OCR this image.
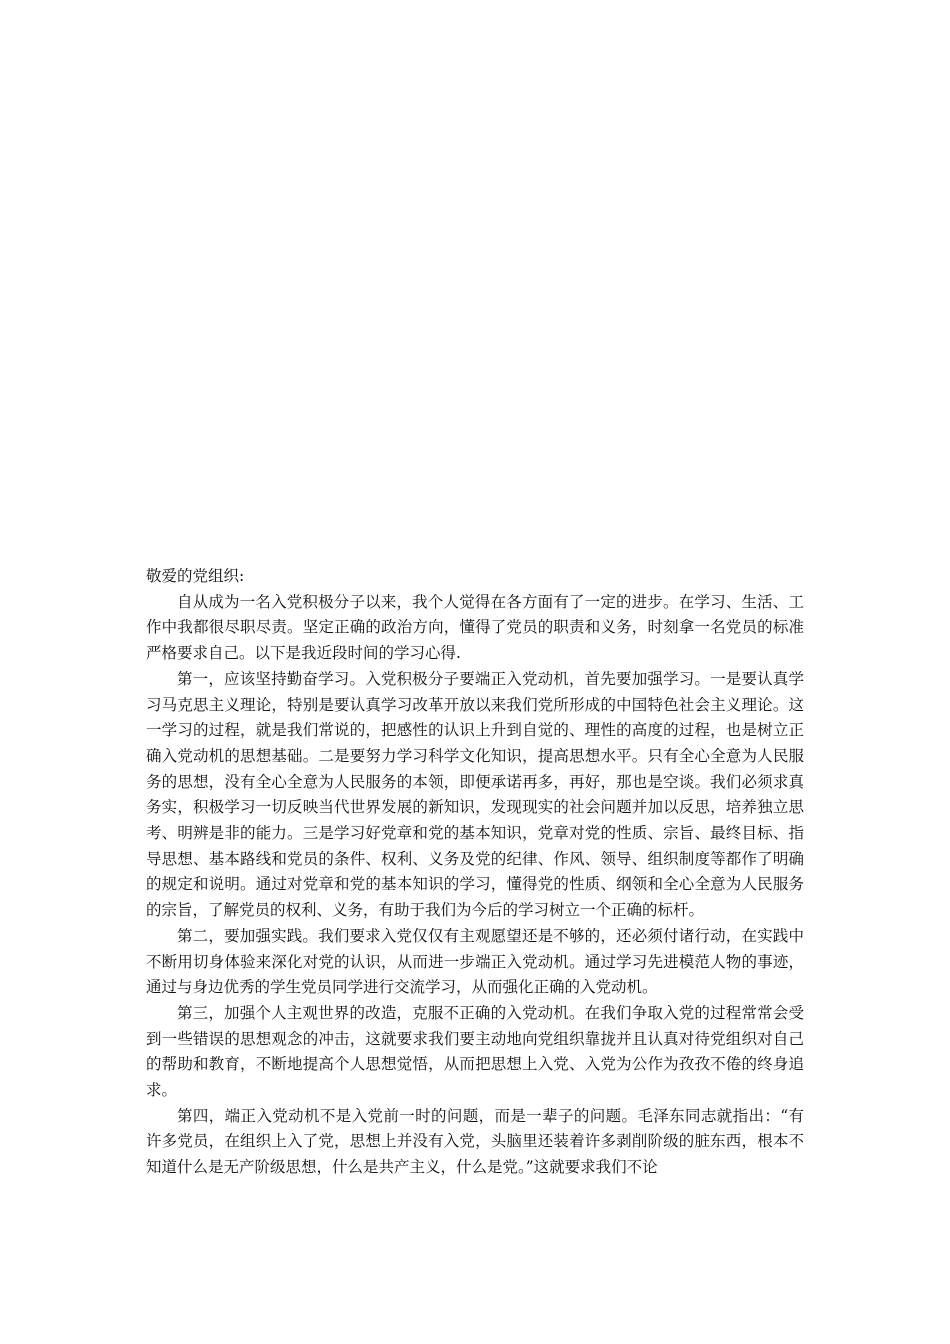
敬爱的党组织:

自从成为一名入党积极分子以来，我个人觉得在各方面有了一定的进步。在学习、生活、工作中我都很尽职尽责。坚定正确的政治方向，懂得了党员的职责和义务，时刻拿一名党员的标准严格要求自己。以下是我近段时间的学习心得.

第一，应该坚持勤奋学习。入党积极分子要端正入党动机，首先要加强学习。一是要认真学习马克思主义理论，特别是要认真学习改革开放以来我们党所形成的中国特色社会主义理论。这一学习的过程，就是我们常说的，把感性的认识上升到自觉的、理性的高度的过程，也是树立正确入党动机的思想基础。二是要努力学习科学文化知识，提高思想水平。只有全心全意为人民服务的思想，没有全心全意为人民服务的本领，即便承诺再多，再好，那也是空谈。我们必须求真务实，积极学习一切反映当代世界发展的新知识，发现现实的社会问题并加以反思，培养独立思考、明辨是非的能力。三是学习好党章和党的基本知识，党章对党的性质、宗旨、最终目标、指导思想、基本路线和党员的条件、权利、义务及党的纪律、作风、领导、组织制度等都作了明确的规定和说明。通过对党章和党的基本知识的学习，懂得党的性质、纲领和全心全意为人民服务的宗旨，了解党员的权利、义务，有助于我们为今后的学习树立一个正确的标杆。

第二，要加强实践。我们要求入党仅仅有主观愿望还是不够的，还必须付诸行动，在实践中不断用切身体验来深化对党的认识，从而进一步端正入党动机。通过学习先进模范人物的事迹，通过与身边优秀的学生党员同学进行交流学习，从而强化正确的入党动机。

第三，加强个人主观世界的改造，克服不正确的入党动机。在我们争取入党的过程常常会受到一些错误的思想观念的冲击，这就要求我们要主动地向党组织靠拢并且认真对待党组织对自己的帮助和教育，不断地提高个人思想觉悟，从而把思想上入党、入党为公作为孜孜不倦的终身追求。

第四，端正入党动机不是入党前一时的问题，而是一辈子的问题。毛泽东同志就指出：“有许多党员，在组织上入了党，思想上并没有入党，头脑里还装着许多剥削阶级的脏东西，根本不知道什么是无产阶级思想，什么是共产主义，什么是党。”这就要求我们不论
